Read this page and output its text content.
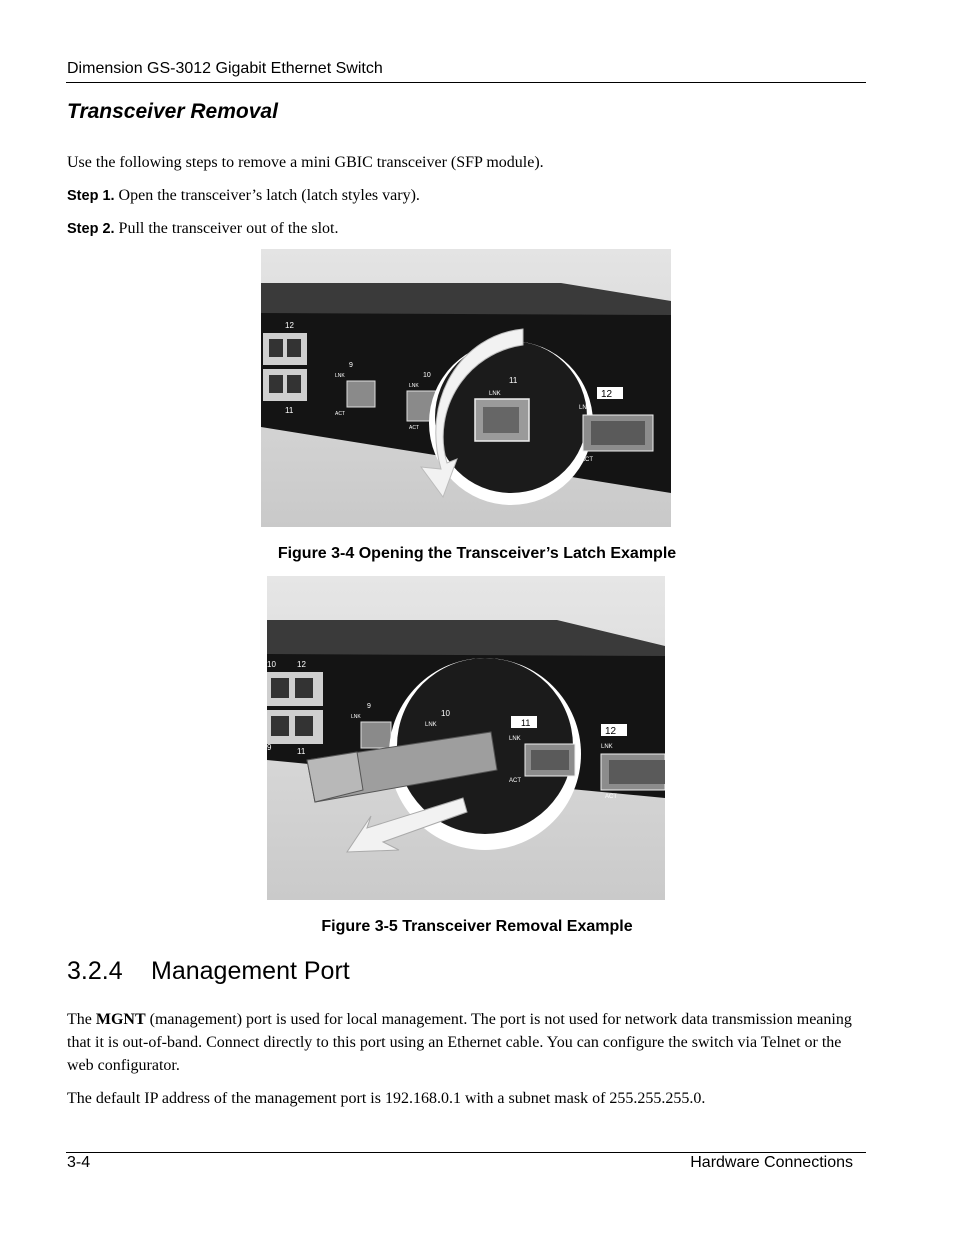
Dimension GS-3012 Gigabit Ethernet Switch
Transceiver Removal
Use the following steps to remove a mini GBIC transceiver (SFP module).
Step 1. Open the transceiver’s latch (latch styles vary).
Step 2. Pull the transceiver out of the slot.
12
11
9
LNK
ACT
10
LNK
ACT
11
LNK	12
LNK
ACT
Figure 3-4 Opening the Transceiver’s Latch Example
10	12
9	11
9
LNK	10
LNK	11
LNK
ACT
12
LNK
ACT
Figure 3-5 Transceiver Removal Example
3.2.4 Management Port
The MGNT (management) port is used for local management. The port is not used for network data transmission meaning that it is out-of-band. Connect directly to this port using an Ethernet cable. You can configure the switch via Telnet or the web configurator.
The default IP address of the management port is 192.168.0.1 with a subnet mask of 255.255.255.0.
3-4	Hardware Connections
